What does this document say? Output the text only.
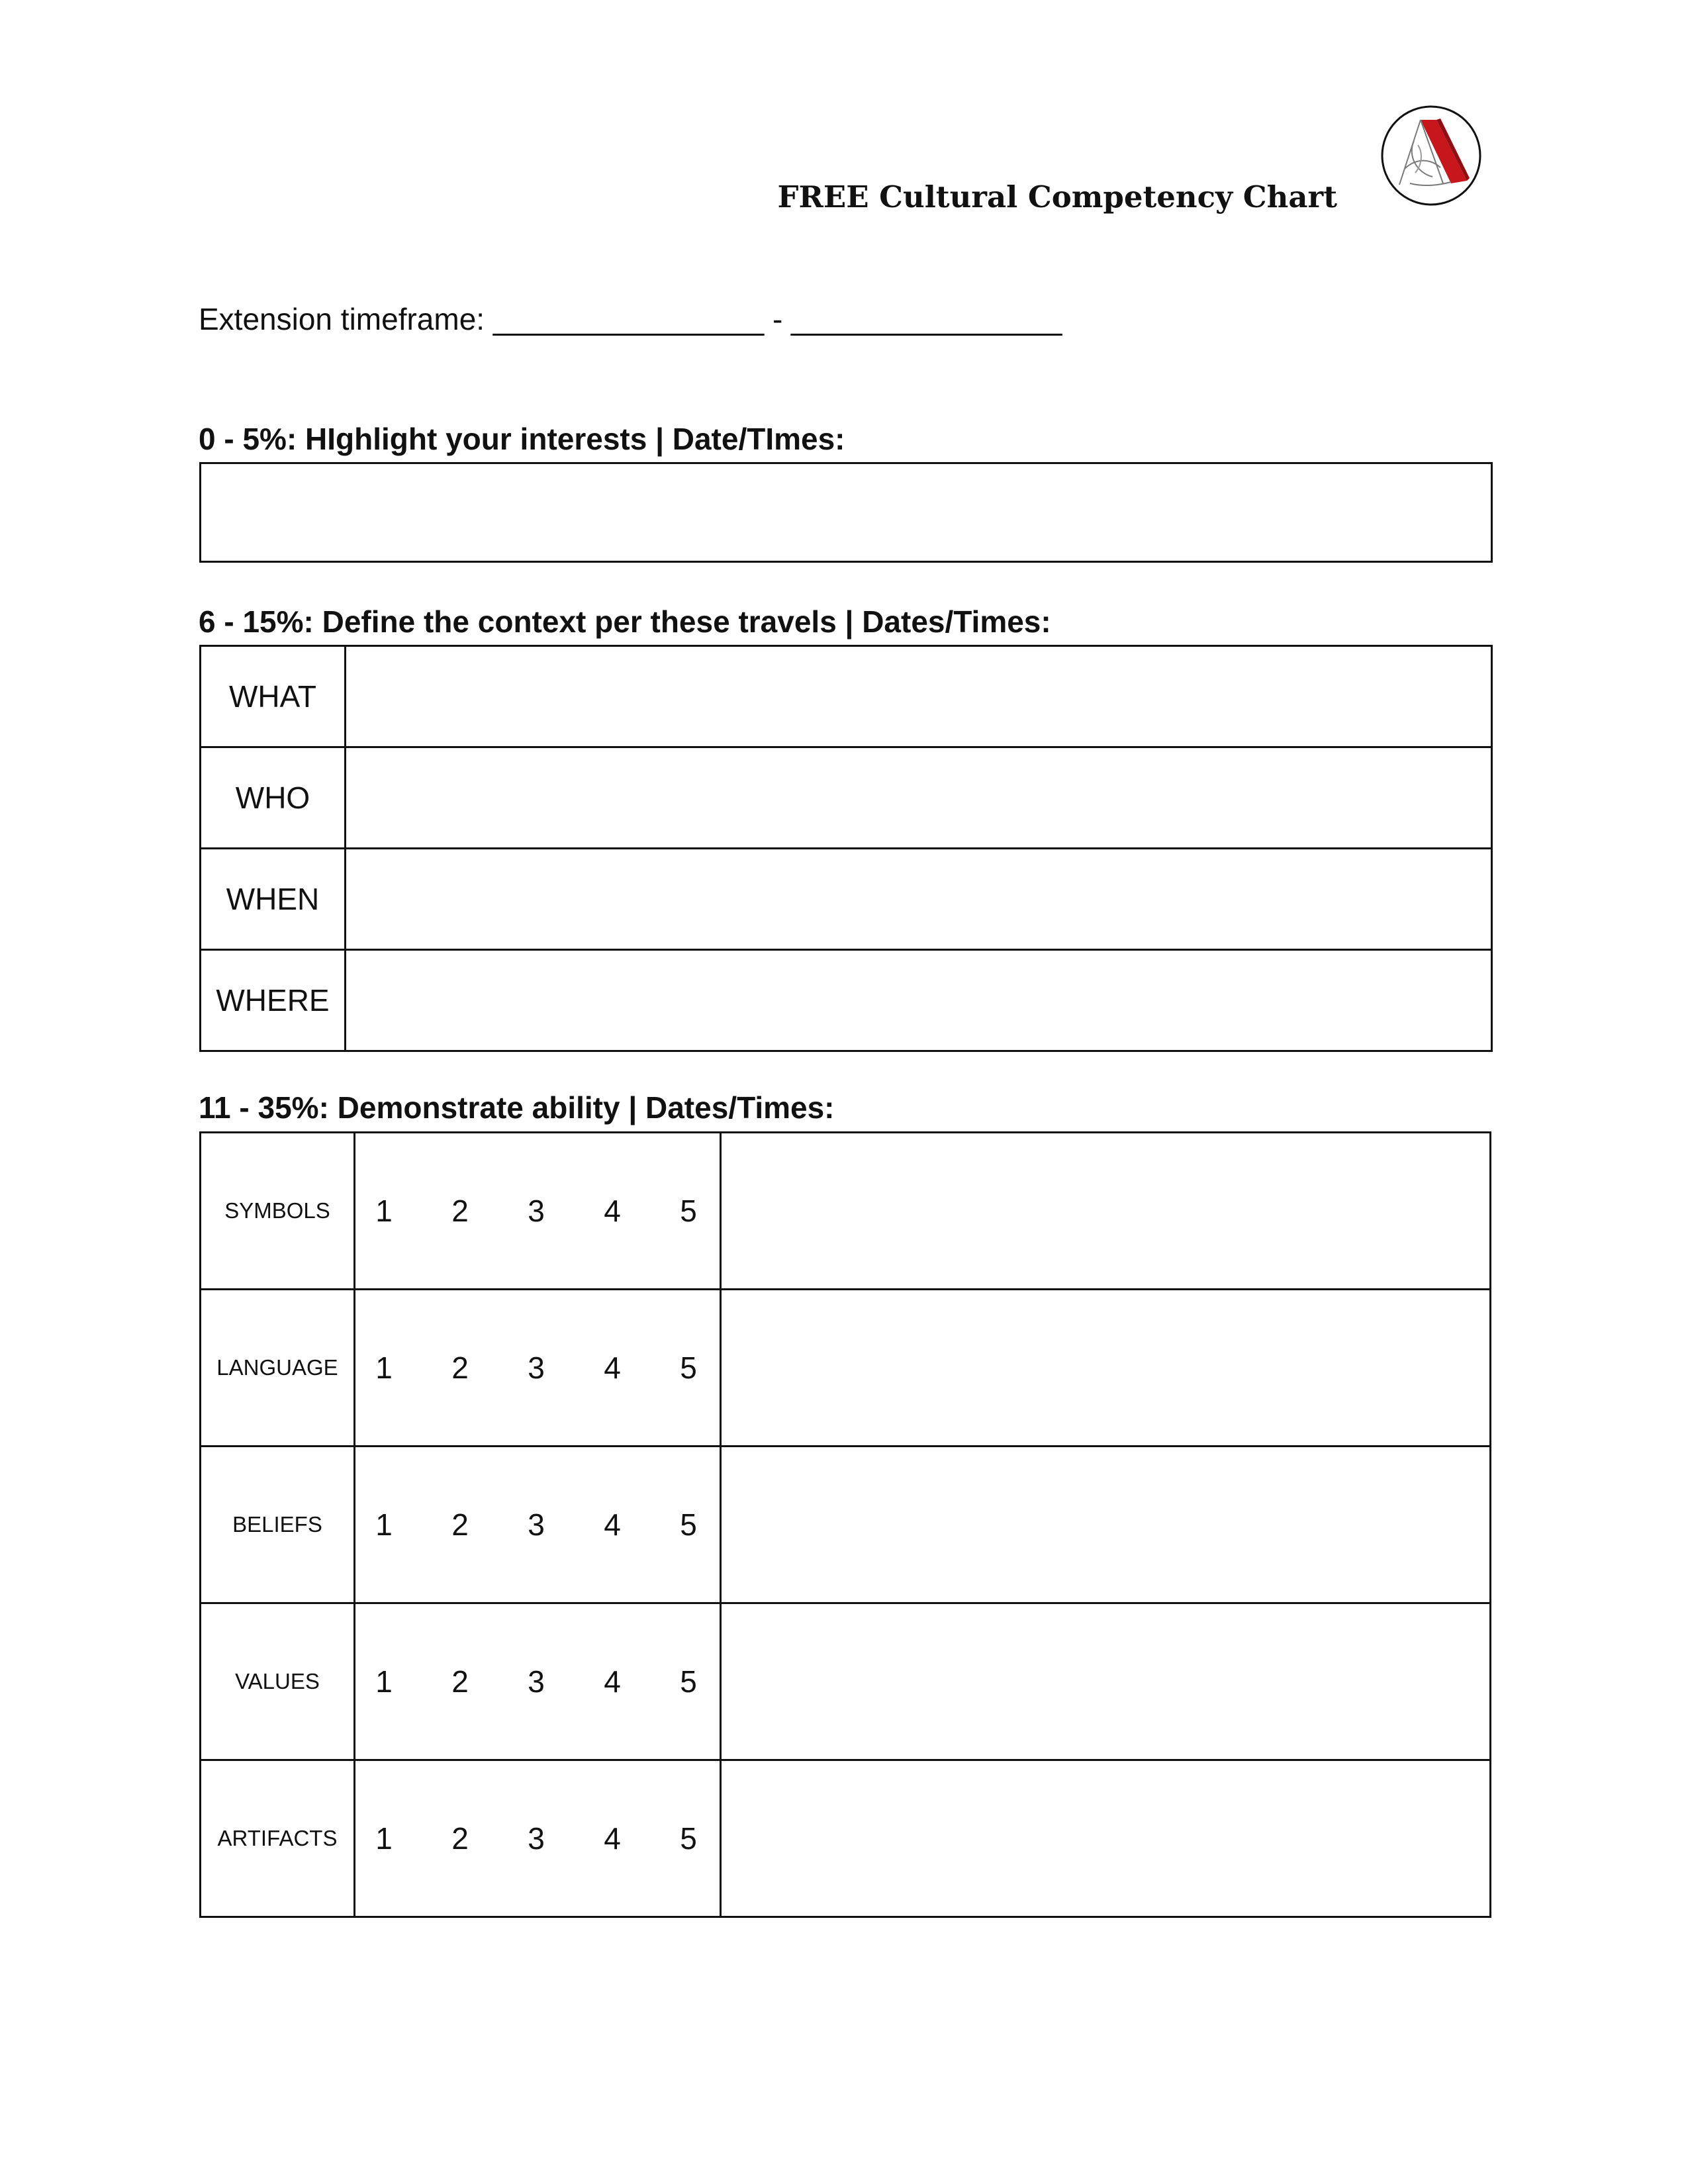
FREE Cultural Competency Chart
Extension timeframe: ________________ - ________________
0 - 5%: HIghlight your interests | Date/TImes:
6 - 15%: Define the context per these travels | Dates/Times:
WHAT	
WHO	
WHEN	
WHERE	
11 - 35%: Demonstrate ability | Dates/Times:
SYMBOLS	1 2 3 4 5	

LANGUAGE	1 2 3 4 5	

BELIEFS	1 2 3 4 5	

VALUES	1 2 3 4 5	

ARTIFACTS	1 2 3 4 5	
